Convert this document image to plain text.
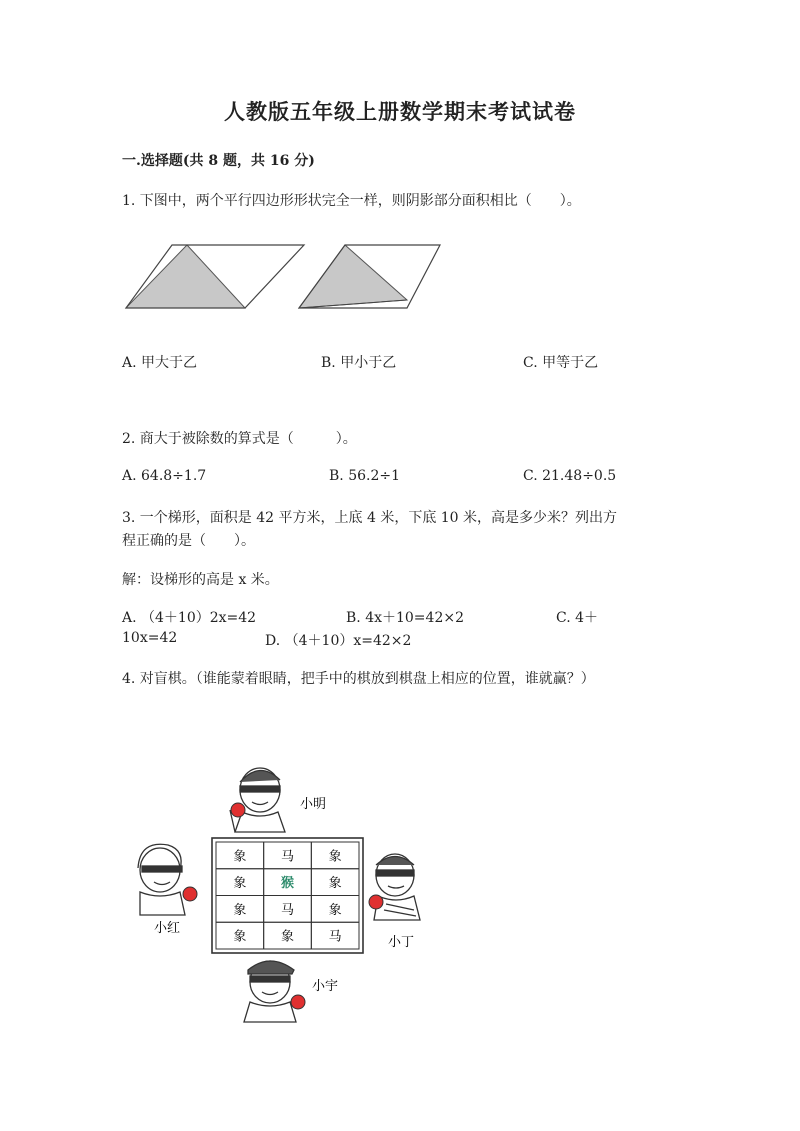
人教版五年级上册数学期末考试试卷
一.选择题(共 8 题，共 16 分)
1. 下图中，两个平行四边形形状完全一样，则阴影部分面积相比（　　）。
A. 甲大于乙	B. 甲小于乙	C. 甲等于乙
2. 商大于被除数的算式是（　　　）。
A. 64.8÷1.7	B. 56.2÷1	C. 21.48÷0.5
3. 一个梯形，面积是 42 平方米，上底 4 米，下底 10 米，高是多少米？列出方
程正确的是（　　）。
解：设梯形的高是 x 米。
A. （4＋10）2x=42	B. 4x＋10=42×2	C. 4＋
10x=42	D. （4＋10）x=42×2
4. 对盲棋。（谁能蒙着眼睛，把手中的棋放到棋盘上相应的位置，谁就赢？）
象	马	象
象	猴	象
象	马	象
象	象	马
小明
小红
小丁
小宇
